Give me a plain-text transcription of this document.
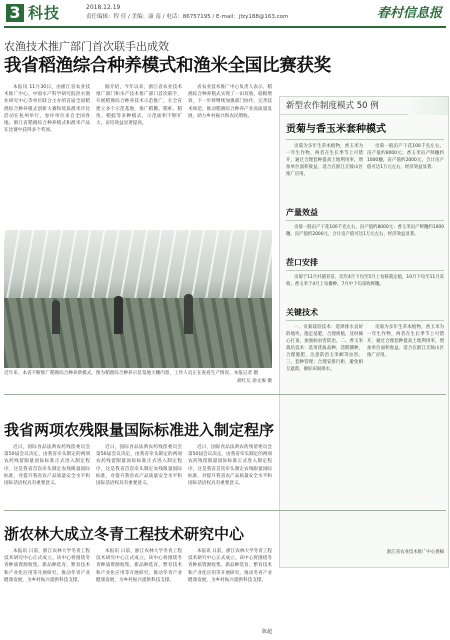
3 科技	2018.12.19
责任编辑：程 佳 / 美编：康 南 / 电话：86757195 / E-mail：jfzy188@163.com	春村信息报
农渔技术推广部门首次联手出成效
我省稻渔综合种养模式和渔米全国比赛获奖

本报讯 11月30日，由浙江省农业技术推广中心、中国水产科学研究院淡水渔业研究中心等单位联合主办的首届全国稻渔综合种养模式创新大赛和优质渔米评比活动在杭州举行，参评单位来自全国各地。浙江省稻渔综合种养模式和渔米产品在比赛中获得多个奖项。

据介绍，今年以来，浙江省农业技术推广部门和水产技术推广部门首次联手，开展稻渔综合种养技术示范推广，在全省建立多个示范基地，推广稻鳖、稻虾、稻鱼、稻蛙等多种模式，示范面积不断扩大，亩均效益显著提高。

省农业技术推广中心负责人表示，稻渔综合种养模式实现了一田双收、稳粮增效，下一步将继续加强部门协作，完善技术规范，推动稻渔综合种养产业高质量发展，助力乡村振兴和农民增收。

近年来，本省不断推广稻渔综合种养新模式，图为稻渔综合种养示范基地大棚内景，工作人员正在查看生产情况。本报记者 摄
胡红友 徐文俊 摄
新型农作制度模式 50 例
贡菊与香玉米套种模式

贡菊为多年生草本植物，香玉米为一年生作物，两者在生长季节上可错开，通过合理套种提高土地利用率，增加单位面积收益，适合在浙江丘陵山区推广应用。

贡菊一般亩产干花100千克左右，亩产值约8000元；香玉米亩产鲜穗约1000穗，亩产值约2000元，合计亩产值可达1万元左右，经济效益显著。

产量效益

贡菊一般亩产干花100千克左右，亩产值约8000元；香玉米亩产鲜穗约1000穗，亩产值约2000元，合计亩产值可达1万元左右，经济效益显著。

茬口安排

贡菊于11月扦插育苗，次年4月下旬至5月上旬移栽定植，10月下旬至11月采收；香玉米于4月上旬播种，7月中下旬采收鲜穗。

关键技术

一、贡菊栽培技术：选择排水良好的地块，施足基肥，合理密植，及时摘心打顶，加强病虫害防治。二、香玉米栽培技术：选用优质品种，适期播种，合理施肥，注意防治玉米螟等虫害。三、套种管理：合理安排行距，避免相互遮荫，做好田间排水。

贡菊为多年生草本植物，香玉米为一年生作物，两者在生长季节上可错开，通过合理套种提高土地利用率，增加单位面积收益，适合在浙江丘陵山区推广应用。

浙江省农业技术推广中心供稿
我省两项农残限量国际标准进入制定程序

近日，国际食品法典农药残留委员会第50届会议决定，由我省牵头制定的两项农药残留限量国际标准正式进入制定程序，这是我省首次牵头制定农残限量国际标准，对提升我省农产品质量安全水平和国际话语权具有重要意义。

近日，国际食品法典农药残留委员会第50届会议决定，由我省牵头制定的两项农药残留限量国际标准正式进入制定程序，这是我省首次牵头制定农残限量国际标准，对提升我省农产品质量安全水平和国际话语权具有重要意义。

近日，国际食品法典农药残留委员会第50届会议决定，由我省牵头制定的两项农药残留限量国际标准正式进入制定程序，这是我省首次牵头制定农残限量国际标准，对提升我省农产品质量安全水平和国际话语权具有重要意义。

浙农林大成立冬青工程技术研究中心

本报讯 日前，浙江农林大学冬青工程技术研究中心正式成立。该中心将围绕冬青种质资源收集、新品种选育、繁育技术和产业化应用等开展研究，推动冬青产业健康发展，为乡村振兴提供科技支撑。

本报讯 日前，浙江农林大学冬青工程技术研究中心正式成立。该中心将围绕冬青种质资源收集、新品种选育、繁育技术和产业化应用等开展研究，推动冬青产业健康发展，为乡村振兴提供科技支撑。

本报讯 日前，浙江农林大学冬青工程技术研究中心正式成立。该中心将围绕冬青种质资源收集、新品种选育、繁育技术和产业化应用等开展研究，推动冬青产业健康发展，为乡村振兴提供科技支撑。

陈超
